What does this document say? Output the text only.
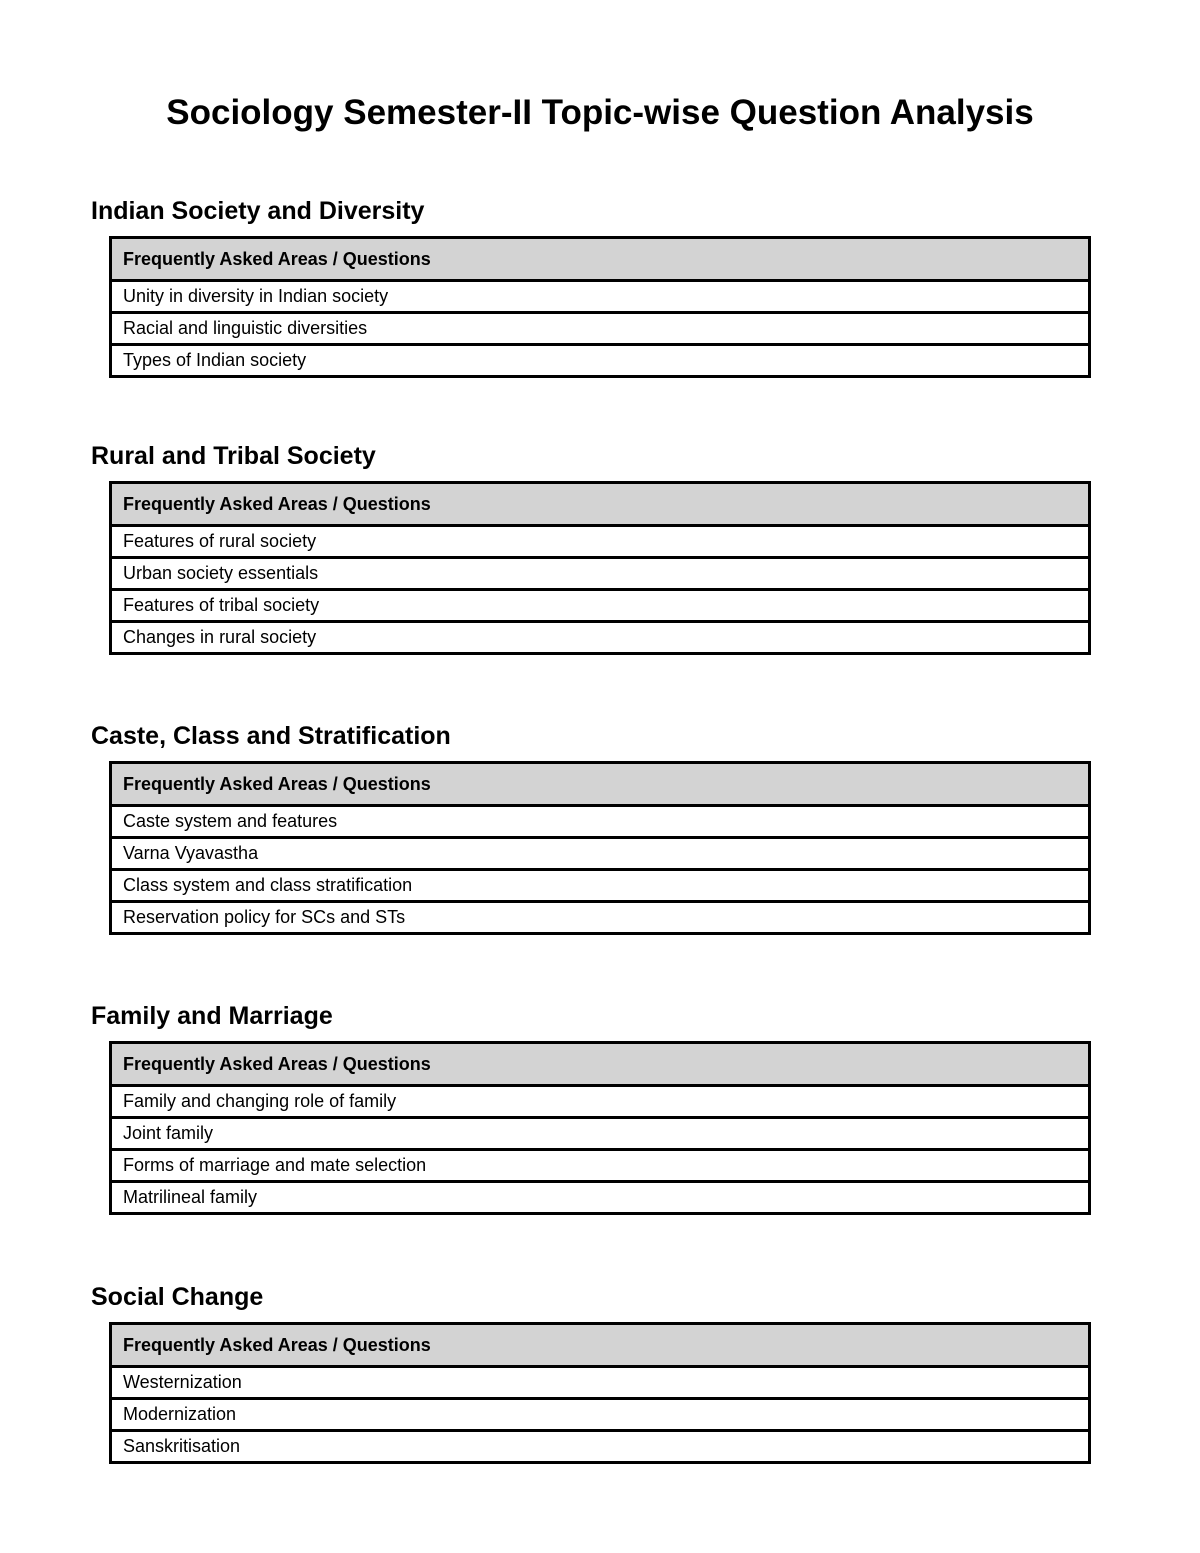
Sociology Semester-II Topic-wise Question Analysis
Indian Society and Diversity
Frequently Asked Areas / Questions
Unity in diversity in Indian society
Racial and linguistic diversities
Types of Indian society
Rural and Tribal Society
Frequently Asked Areas / Questions
Features of rural society
Urban society essentials
Features of tribal society
Changes in rural society
Caste, Class and Stratification
Frequently Asked Areas / Questions
Caste system and features
Varna Vyavastha
Class system and class stratification
Reservation policy for SCs and STs
Family and Marriage
Frequently Asked Areas / Questions
Family and changing role of family
Joint family
Forms of marriage and mate selection
Matrilineal family
Social Change
Frequently Asked Areas / Questions
Westernization
Modernization
Sanskritisation
